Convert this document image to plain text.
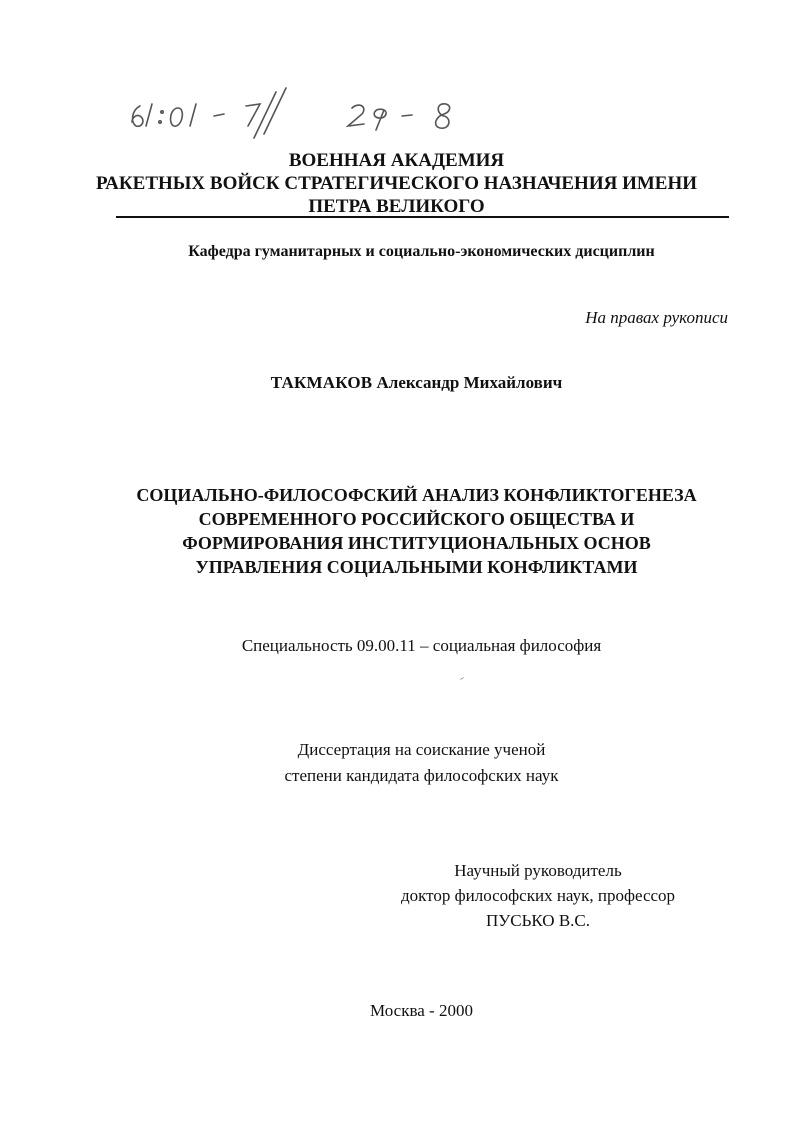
ВОЕННАЯ АКАДЕМИЯ
РАКЕТНЫХ ВОЙСК СТРАТЕГИЧЕСКОГО НАЗНАЧЕНИЯ ИМЕНИ
ПЕТРА ВЕЛИКОГО
Кафедра гуманитарных и социально-экономических дисциплин
На правах рукописи
ТАКМАКОВ Александр Михайлович
СОЦИАЛЬНО-ФИЛОСОФСКИЙ АНАЛИЗ КОНФЛИКТОГЕНЕЗА
СОВРЕМЕННОГО РОССИЙСКОГО ОБЩЕСТВА И
ФОРМИРОВАНИЯ ИНСТИТУЦИОНАЛЬНЫХ ОСНОВ
УПРАВЛЕНИЯ СОЦИАЛЬНЫМИ КОНФЛИКТАМИ
Специальность 09.00.11 – социальная философия
Диссертация на соискание ученой
степени кандидата философских наук
Научный руководитель
доктор философских наук, профессор
ПУСЬКО В.С.
Москва - 2000
